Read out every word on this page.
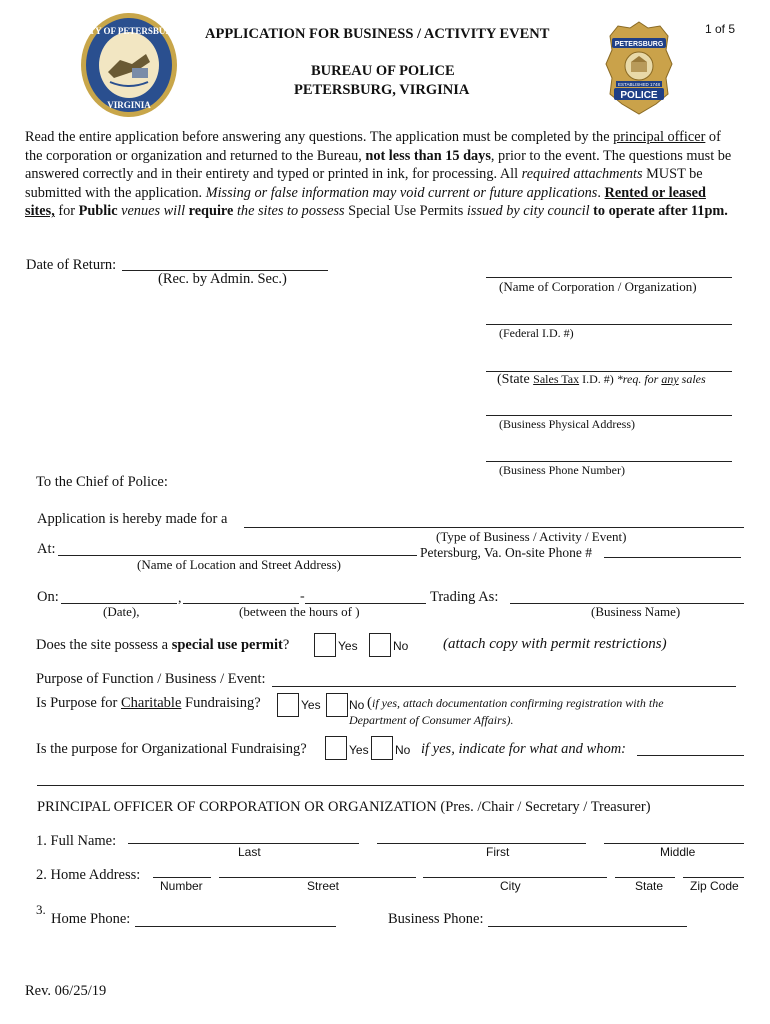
CITY OF PETERSBURG
VIRGINIA
APPLICATION FOR BUSINESS / ACTIVITY EVENT	1 of 5
BUREAU OF POLICE
PETERSBURG, VIRGINIA
PETERSBURG
ESTABLISHED 1748
POLICE
Read the entire application before answering any questions. The application must be completed by the principal officer of the corporation or organization and returned to the Bureau, not less than 15 days, prior to the event. The questions must be answered correctly and in their entirety and typed or printed in ink, for processing. All required attachments MUST be submitted with the application. Missing or false information may void current or future applications. Rented or leased sites, for Public venues will require the sites to possess Special Use Permits issued by city council to operate after 11pm.
Date of Return:
(Rec. by Admin. Sec.)	(Name of Corporation / Organization)
(Federal I.D. #)
(State Sales Tax I.D. #) *req. for any sales
(Business Physical Address)
(Business Phone Number)
To the Chief of Police:
Application is hereby made for a
(Type of Business / Activity / Event)
At:	Petersburg, Va. On-site Phone #
(Name of Location and Street Address)
On:	,	-	Trading As:
(Date),	(between the hours of )	(Business Name)
Does the site possess a special use permit?	Yes	No (attach copy with permit restrictions)
Purpose of Function / Business / Event:
Is Purpose for Charitable Fundraising?	Yes No (if yes, attach documentation confirming registration with the
Department of Consumer Affairs).
Is the purpose for Organizational Fundraising?	Yes No if yes, indicate for what and whom:
PRINCIPAL OFFICER OF CORPORATION OR ORGANIZATION (Pres. /Chair / Secretary / Treasurer)
1. Full Name:
Last	First	Middle
2. Home Address:
Number	Street	City	State Zip Code
3.
Home Phone:	Business Phone:
Rev. 06/25/19
